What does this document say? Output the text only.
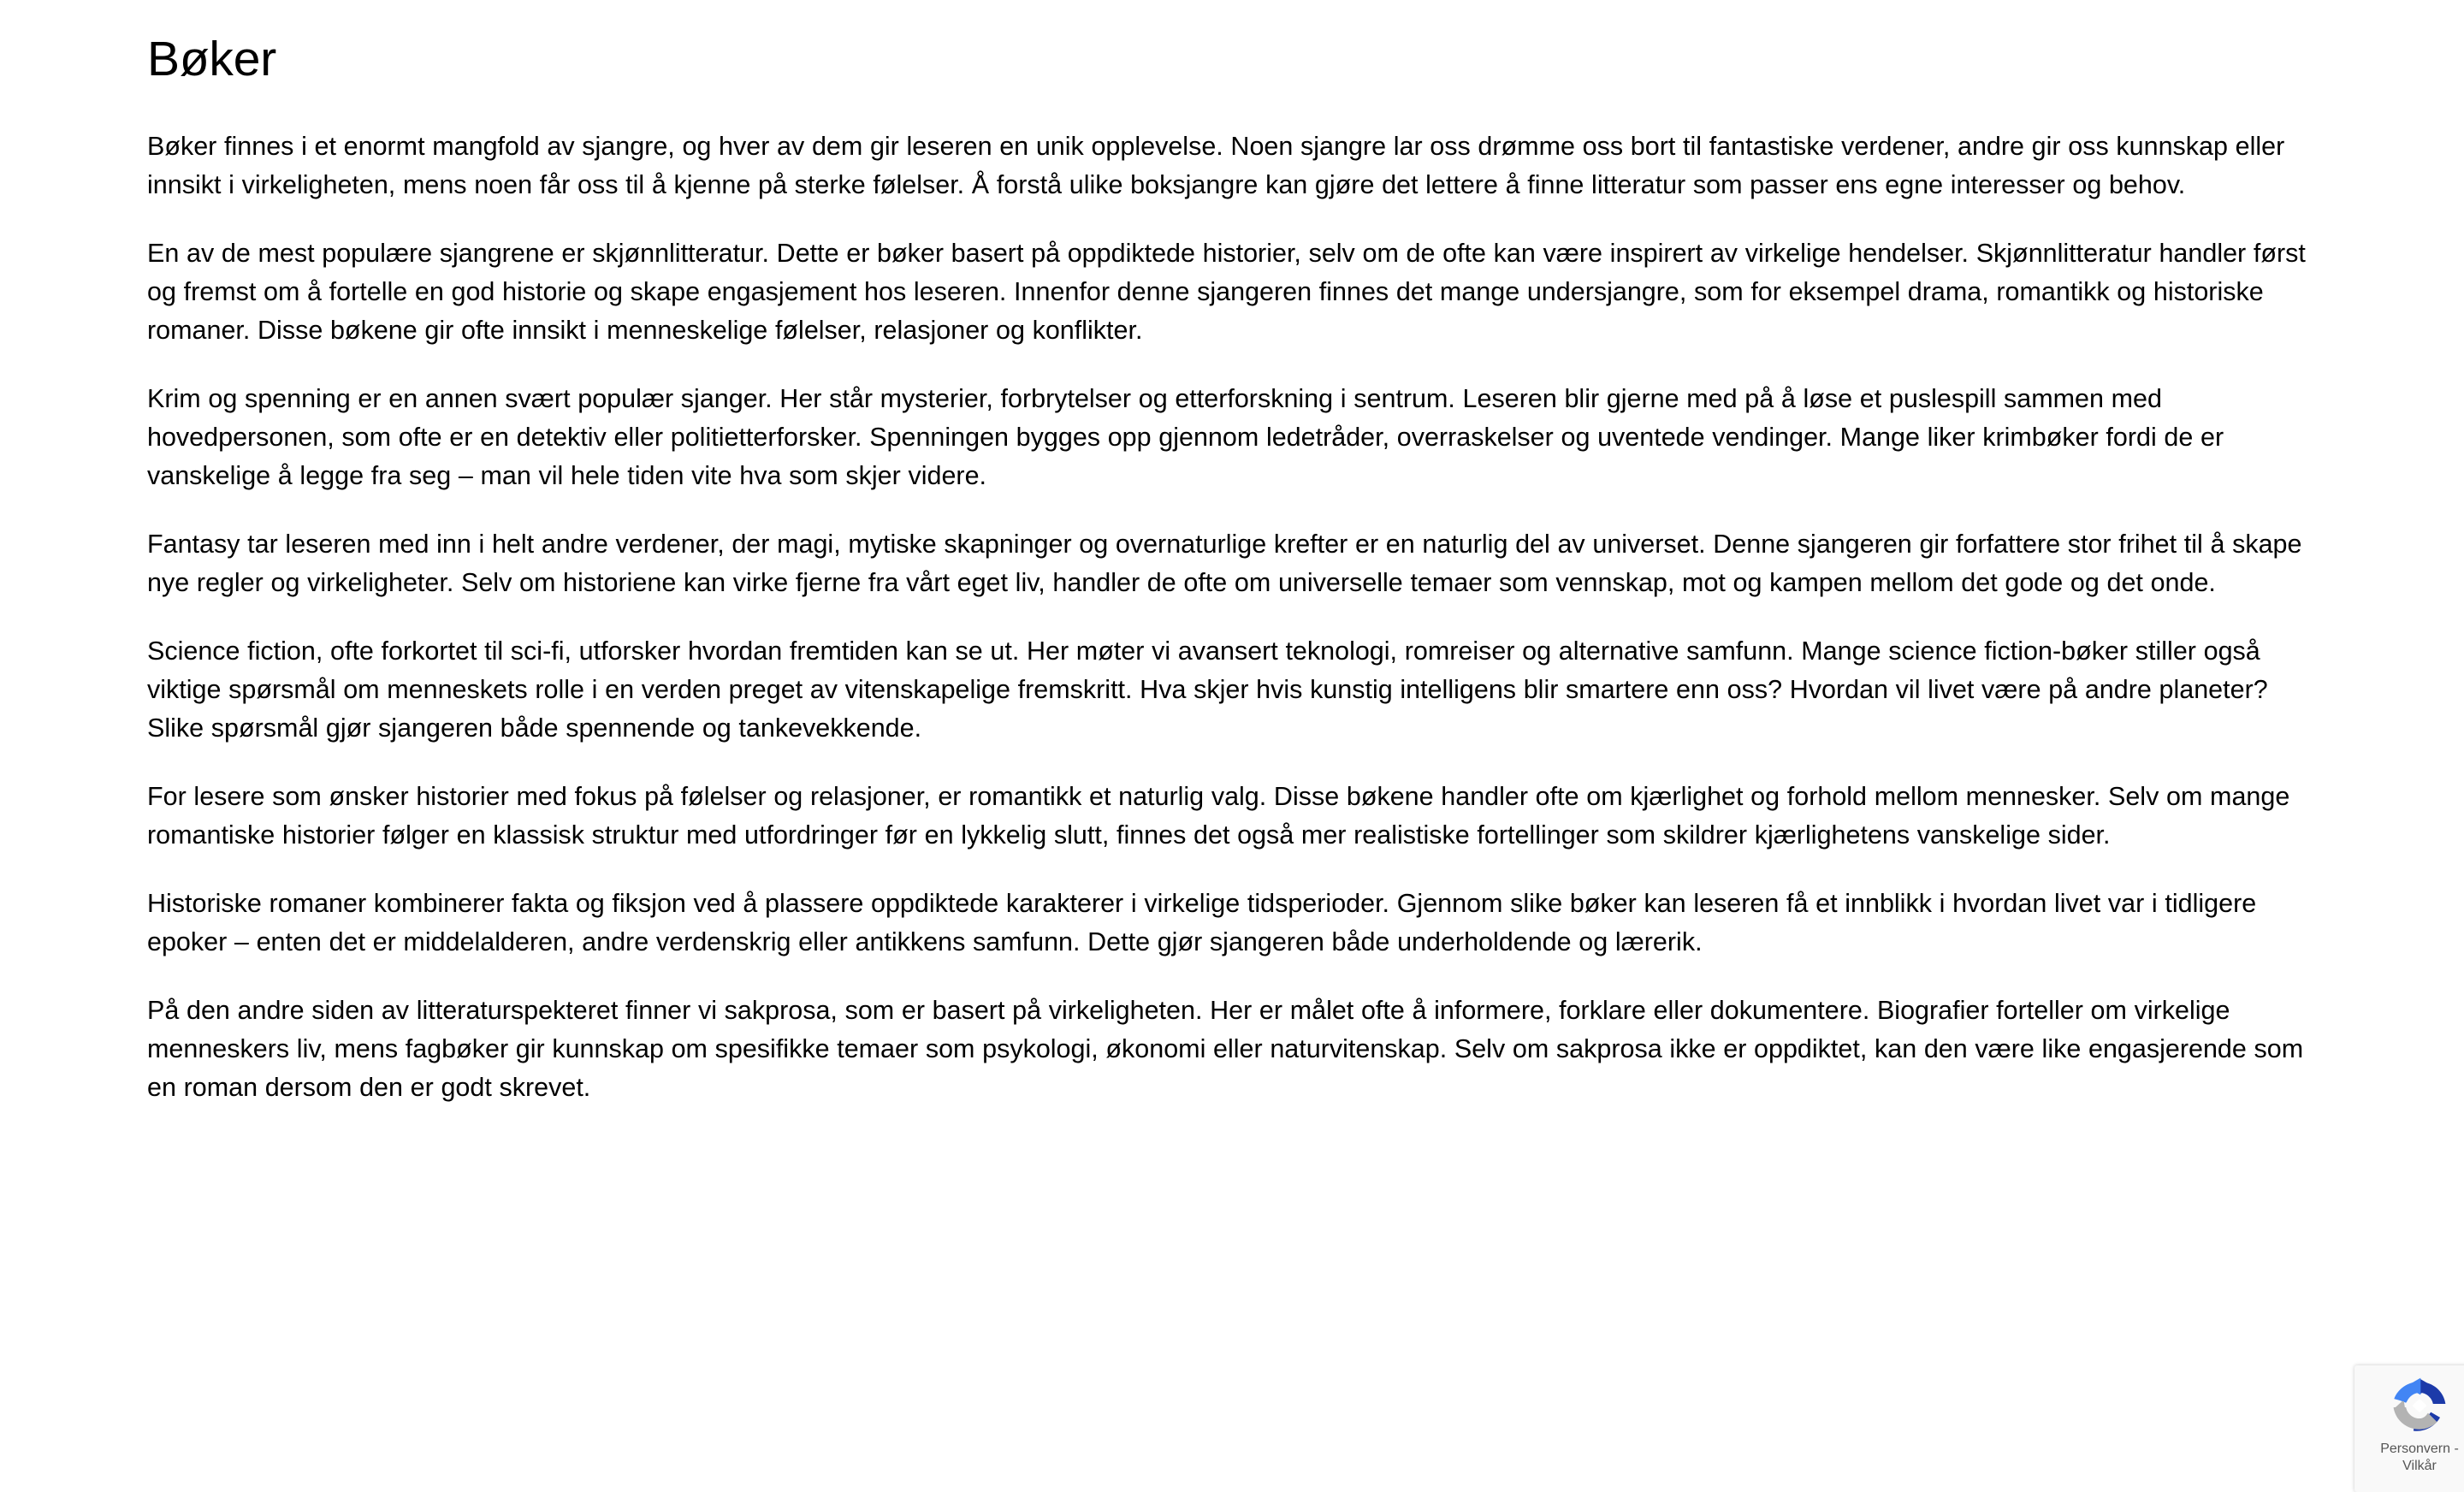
Bøker

Bøker finnes i et enormt mangfold av sjangre, og hver av dem gir leseren en unik opplevelse. Noen sjangre lar oss drømme oss bort til fantastiske verdener, andre gir oss kunnskap eller innsikt i virkeligheten, mens noen får oss til å kjenne på sterke følelser. Å forstå ulike boksjangre kan gjøre det lettere å finne litteratur som passer ens egne interesser og behov.

En av de mest populære sjangrene er skjønnlitteratur. Dette er bøker basert på oppdiktede historier, selv om de ofte kan være inspirert av virkelige hendelser. Skjønnlitteratur handler først og fremst om å fortelle en god historie og skape engasjement hos leseren. Innenfor denne sjangeren finnes det mange undersjangre, som for eksempel drama, romantikk og historiske romaner. Disse bøkene gir ofte innsikt i menneskelige følelser, relasjoner og konflikter.

Krim og spenning er en annen svært populær sjanger. Her står mysterier, forbrytelser og etterforskning i sentrum. Leseren blir gjerne med på å løse et puslespill sammen med hovedpersonen, som ofte er en detektiv eller politietterforsker. Spenningen bygges opp gjennom ledetråder, overraskelser og uventede vendinger. Mange liker krimbøker fordi de er vanskelige å legge fra seg – man vil hele tiden vite hva som skjer videre.

Fantasy tar leseren med inn i helt andre verdener, der magi, mytiske skapninger og overnaturlige krefter er en naturlig del av universet. Denne sjangeren gir forfattere stor frihet til å skape nye regler og virkeligheter. Selv om historiene kan virke fjerne fra vårt eget liv, handler de ofte om universelle temaer som vennskap, mot og kampen mellom det gode og det onde.

Science fiction, ofte forkortet til sci-fi, utforsker hvordan fremtiden kan se ut. Her møter vi avansert teknologi, romreiser og alternative samfunn. Mange science fiction-bøker stiller også viktige spørsmål om menneskets rolle i en verden preget av vitenskapelige fremskritt. Hva skjer hvis kunstig intelligens blir smartere enn oss? Hvordan vil livet være på andre planeter? Slike spørsmål gjør sjangeren både spennende og tankevekkende.

For lesere som ønsker historier med fokus på følelser og relasjoner, er romantikk et naturlig valg. Disse bøkene handler ofte om kjærlighet og forhold mellom mennesker. Selv om mange romantiske historier følger en klassisk struktur med utfordringer før en lykkelig slutt, finnes det også mer realistiske fortellinger som skildrer kjærlighetens vanskelige sider.

Historiske romaner kombinerer fakta og fiksjon ved å plassere oppdiktede karakterer i virkelige tidsperioder. Gjennom slike bøker kan leseren få et innblikk i hvordan livet var i tidligere epoker – enten det er middelalderen, andre verdenskrig eller antikkens samfunn. Dette gjør sjangeren både underholdende og lærerik.

På den andre siden av litteraturspekteret finner vi sakprosa, som er basert på virkeligheten. Her er målet ofte å informere, forklare eller dokumentere. Biografier forteller om virkelige menneskers liv, mens fagbøker gir kunnskap om spesifikke temaer som psykologi, økonomi eller naturvitenskap. Selv om sakprosa ikke er oppdiktet, kan den være like engasjerende som en roman dersom den er godt skrevet.

Personvern -
Vilkår
